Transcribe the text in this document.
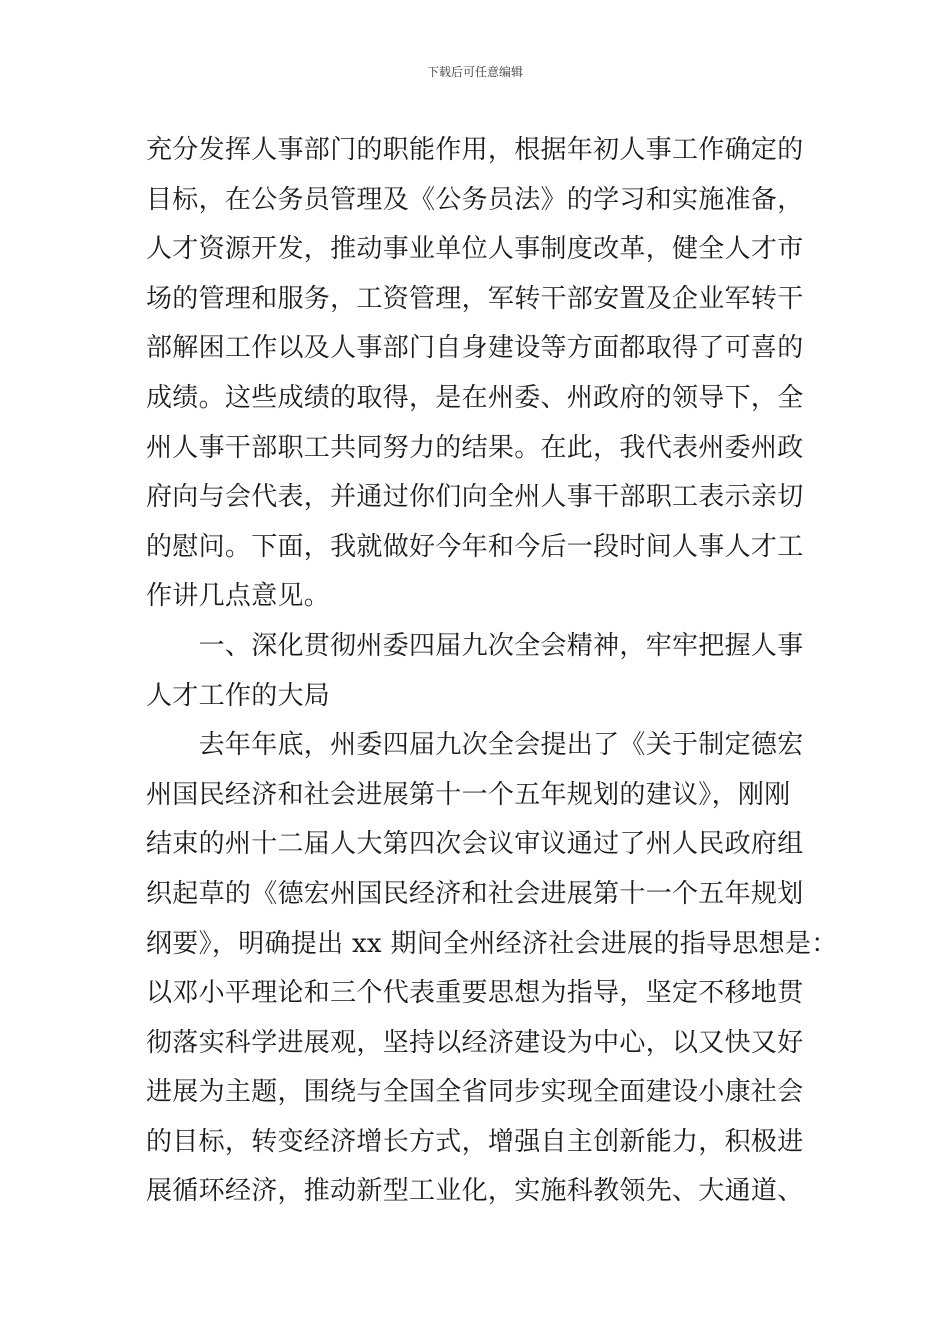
下载后可任意编辑
充分发挥人事部门的职能作用，根据年初人事工作确定的
目标，在公务员管理及《公务员法》的学习和实施准备，
人才资源开发，推动事业单位人事制度改革，健全人才市
场的管理和服务，工资管理，军转干部安置及企业军转干
部解困工作以及人事部门自身建设等方面都取得了可喜的
成绩。这些成绩的取得，是在州委、州政府的领导下，全
州人事干部职工共同努力的结果。在此，我代表州委州政
府向与会代表，并通过你们向全州人事干部职工表示亲切
的慰问。下面，我就做好今年和今后一段时间人事人才工
作讲几点意见。
　　一、深化贯彻州委四届九次全会精神，牢牢把握人事
人才工作的大局
　　去年年底，州委四届九次全会提出了《关于制定德宏
州国民经济和社会进展第十一个五年规划的建议》，刚刚
结束的州十二届人大第四次会议审议通过了州人民政府组
织起草的《德宏州国民经济和社会进展第十一个五年规划
纲要》，明确提出 xx 期间全州经济社会进展的指导思想是：
以邓小平理论和三个代表重要思想为指导，坚定不移地贯
彻落实科学进展观，坚持以经济建设为中心，以又快又好
进展为主题，围绕与全国全省同步实现全面建设小康社会
的目标，转变经济增长方式，增强自主创新能力，积极进
展循环经济，推动新型工业化，实施科教领先、大通道、
